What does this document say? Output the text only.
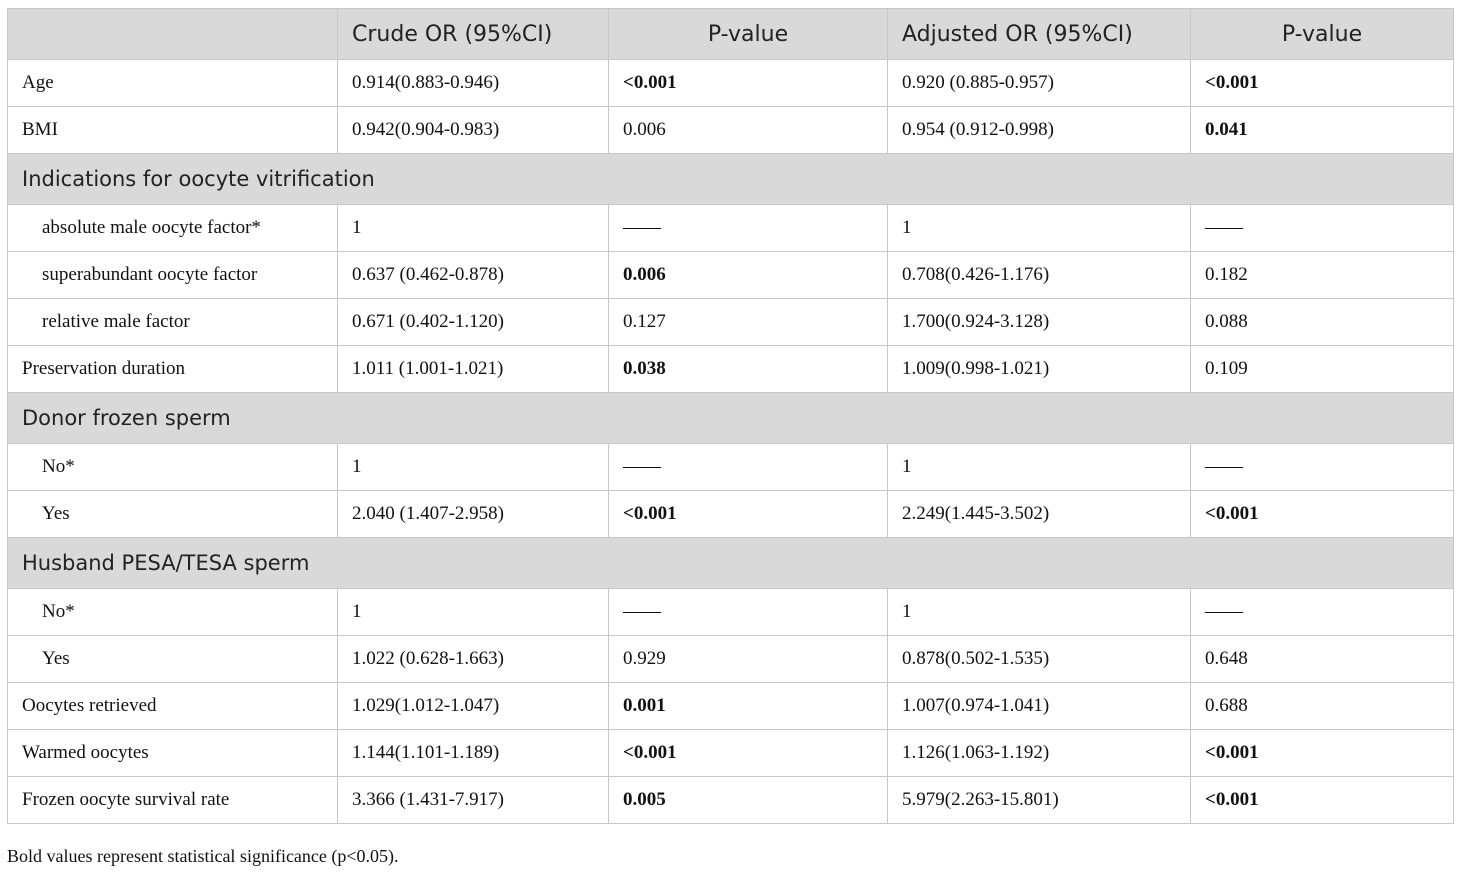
	Crude OR (95%CI)	P-value	Adjusted OR (95%CI)	P-value
Age	0.914(0.883-0.946)	<0.001	0.920 (0.885-0.957)	<0.001
BMI	0.942(0.904-0.983)	0.006	0.954 (0.912-0.998)	0.041
Indications for oocyte vitrification				
absolute male oocyte factor*	1	——	1	——
superabundant oocyte factor	0.637 (0.462-0.878)	0.006	0.708(0.426-1.176)	0.182
relative male factor	0.671 (0.402-1.120)	0.127	1.700(0.924-3.128)	0.088
Preservation duration	1.011 (1.001-1.021)	0.038	1.009(0.998-1.021)	0.109
Donor frozen sperm				
No*	1	——	1	——
Yes	2.040 (1.407-2.958)	<0.001	2.249(1.445-3.502)	<0.001
Husband PESA/TESA sperm				
No*	1	——	1	——
Yes	1.022 (0.628-1.663)	0.929	0.878(0.502-1.535)	0.648
Oocytes retrieved	1.029(1.012-1.047)	0.001	1.007(0.974-1.041)	0.688
Warmed oocytes	1.144(1.101-1.189)	<0.001	1.126(1.063-1.192)	<0.001
Frozen oocyte survival rate	3.366 (1.431-7.917)	0.005	5.979(2.263-15.801)	<0.001
Bold values represent statistical significance (p<0.05).
